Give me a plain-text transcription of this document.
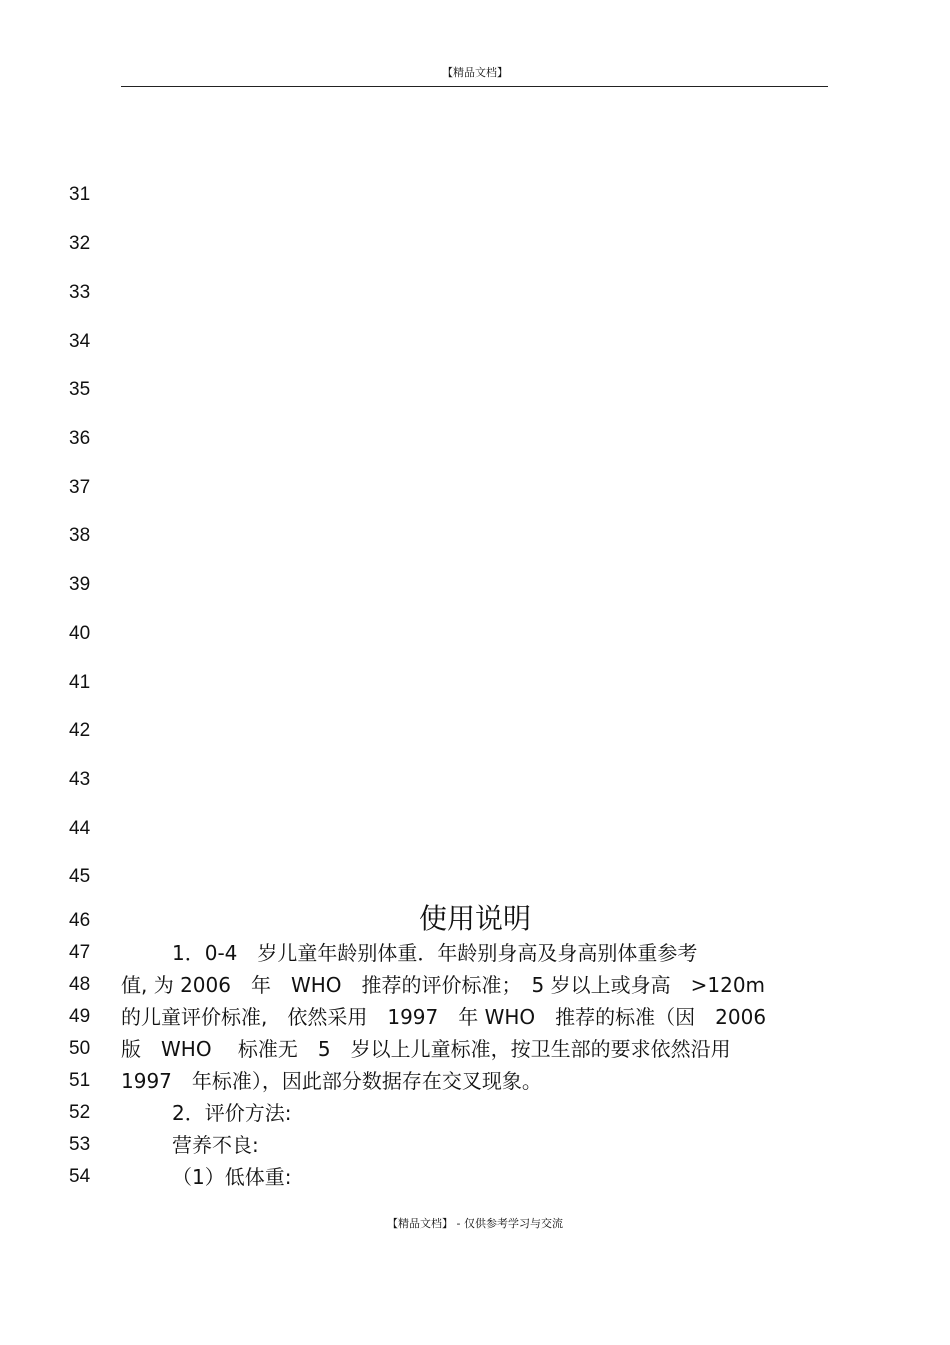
【精品文档】
31
32
33
34
35
36
37
38
39
40
41
42
43
44
45
46
47
48
49
50
51
52
53
54
使用说明
1．0-4　岁儿童年龄别体重．年龄别身高及身高别体重参考
值, 为 2006　年　WHO　推荐的评价标准；　5 岁以上或身高　>120m
的儿童评价标准,　依然采用　1997　年 WHO　推荐的标准（因　2006
版　WHO　 标准无　5　岁以上儿童标准，按卫生部的要求依然沿用
1997　年标准），因此部分数据存在交叉现象。
2．评价方法:
营养不良:
（1）低体重:
【精品文档】 - 仅供参考学习与交流
